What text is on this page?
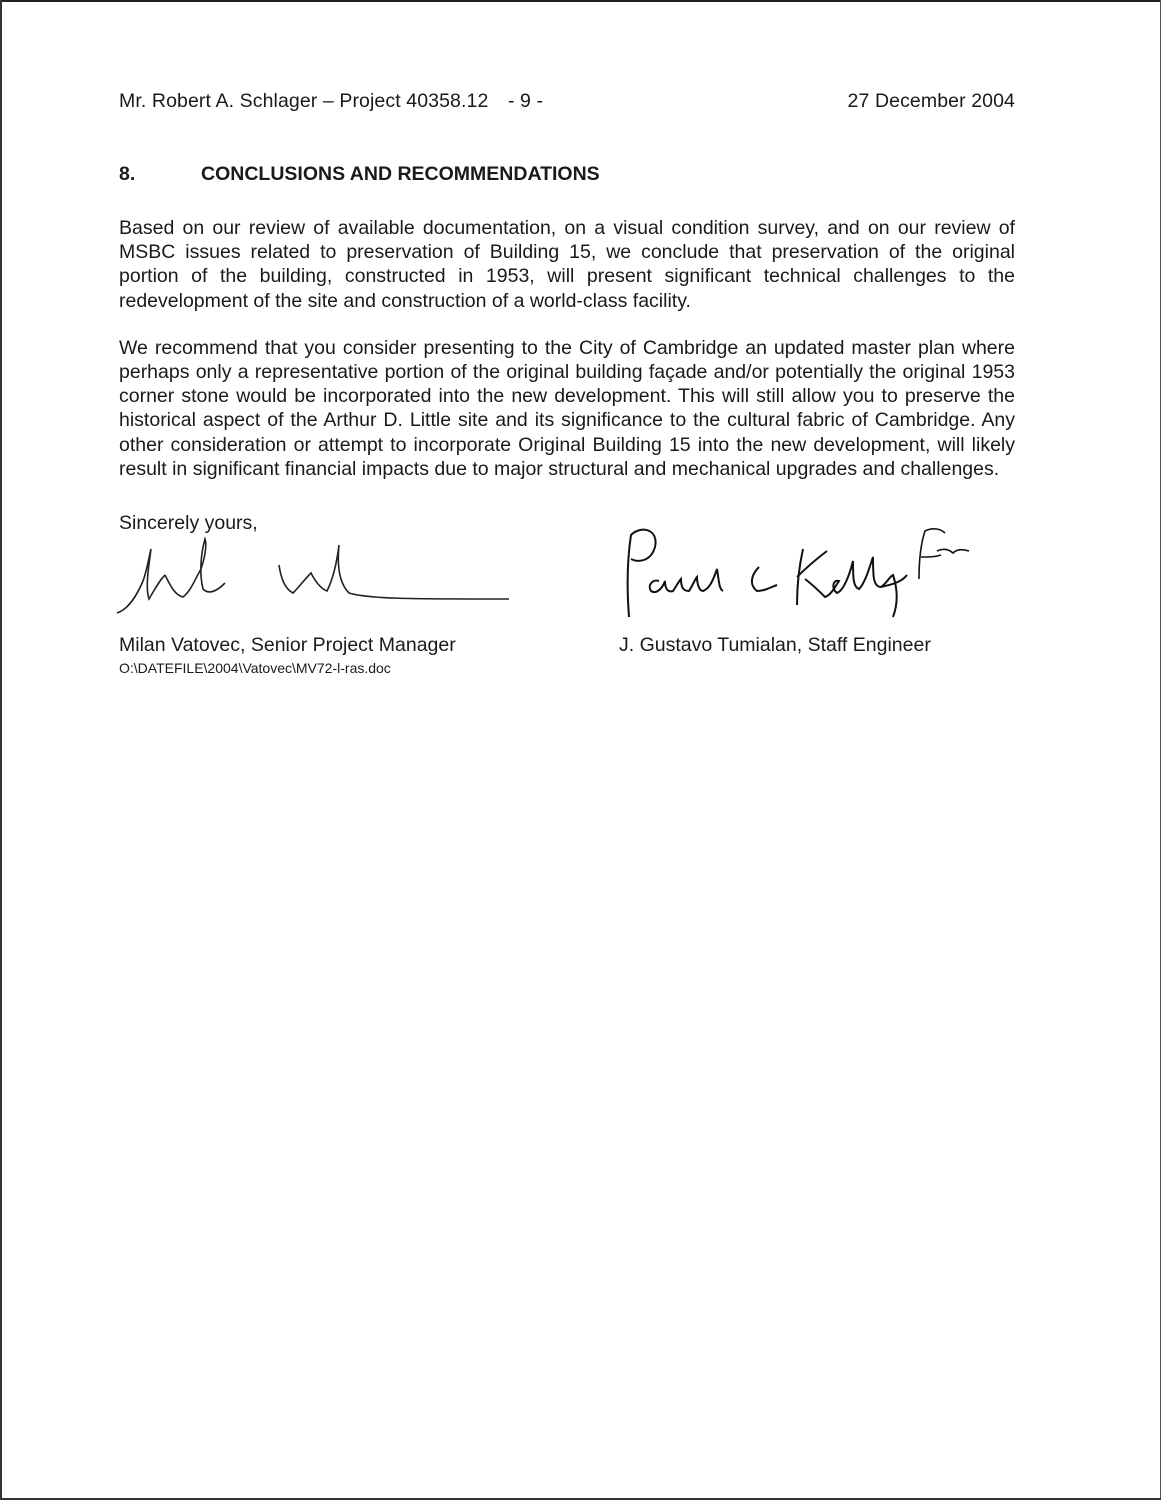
Mr. Robert A. Schlager – Project 40358.12 - 9 -	27 December 2004
8.	CONCLUSIONS AND RECOMMENDATIONS

Based on our review of available documentation, on a visual condition survey, and on our review of MSBC issues related to preservation of Building 15, we conclude that preservation of the original portion of the building, constructed in 1953, will present significant technical challenges to the redevelopment of the site and construction of a world-class facility.

We recommend that you consider presenting to the City of Cambridge an updated master plan where perhaps only a representative portion of the original building façade and/or potentially the original 1953 corner stone would be incorporated into the new development. This will still allow you to preserve the historical aspect of the Arthur D. Little site and its significance to the cultural fabric of Cambridge. Any other consideration or attempt to incorporate Original Building 15 into the new development, will likely result in significant financial impacts due to major structural and mechanical upgrades and challenges.

Sincerely yours,
Milan Vatovec, Senior Project Manager
O:\DATEFILE\2004\Vatovec\MV72-l-ras.doc
J. Gustavo Tumialan, Staff Engineer
